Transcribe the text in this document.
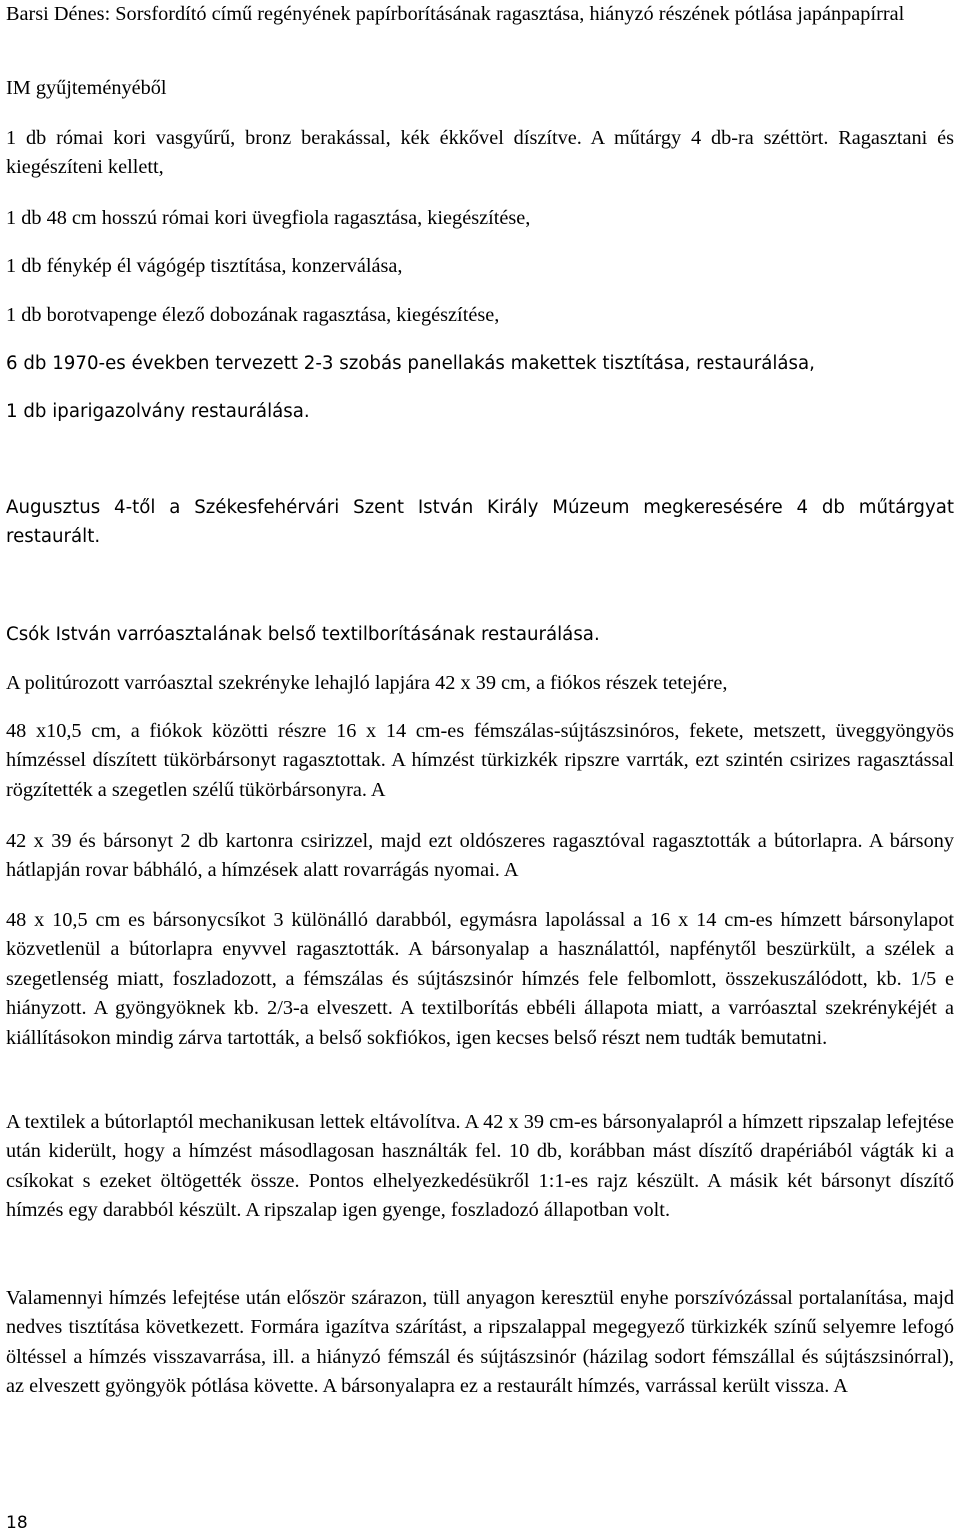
Barsi Dénes: Sorsfordító című regényének papírborításának ragasztása, hiányzó részének pótlása japánpapírral

IM gyűjteményéből

1 db római kori vasgyűrű, bronz berakással, kék ékkővel díszítve. A műtárgy 4 db-ra széttört. Ragasztani és kiegészíteni kellett,

1 db 48 cm hosszú római kori üvegfiola ragasztása, kiegészítése,

1 db fénykép él vágógép tisztítása, konzerválása,

1 db borotvapenge élező dobozának ragasztása, kiegészítése,

6 db 1970-es években tervezett 2-3 szobás panellakás makettek tisztítása, restaurálása,

1 db iparigazolvány restaurálása.

Augusztus 4-től a Székesfehérvári Szent István Király Múzeum megkeresésére 4 db műtárgyat restaurált.

Csók István varróasztalának belső textilborításának restaurálása.

A politúrozott varróasztal szekrényke lehajló lapjára 42 x 39 cm, a fiókos részek tetejére,

48 x10,5 cm, a fiókok közötti részre 16 x 14 cm-es fémszálas-sújtászsinóros, fekete, metszett, üveggyöngyös hímzéssel díszített tükörbársonyt ragasztottak. A hímzést türkizkék ripszre varrták, ezt szintén csirizes ragasztással rögzítették a szegetlen szélű tükörbársonyra. A

42 x 39 és bársonyt 2 db kartonra csirizzel, majd ezt oldószeres ragasztóval ragasztották a bútorlapra. A bársony hátlapján rovar bábháló, a hímzések alatt rovarrágás nyomai. A

48 x 10,5 cm es bársonycsíkot 3 különálló darabból, egymásra lapolással a 16 x 14 cm-es hímzett bársonylapot közvetlenül a bútorlapra enyvvel ragasztották. A bársonyalap a használattól, napfénytől beszürkült, a szélek a szegetlenség miatt, foszladozott, a fémszálas és sújtászsinór hímzés fele felbomlott, összekuszálódott, kb. 1/5 e hiányzott. A gyöngyöknek kb. 2/3-a elveszett. A textilborítás ebbéli állapota miatt, a varróasztal szekrénykéjét a kiállításokon mindig zárva tartották, a belső sokfiókos, igen kecses belső részt nem tudták bemutatni.

A textilek a bútorlaptól mechanikusan lettek eltávolítva. A 42 x 39 cm-es bársonyalapról a hímzett ripszalap lefejtése után kiderült, hogy a hímzést másodlagosan használták fel. 10 db, korábban mást díszítő drapériából vágták ki a csíkokat s ezeket öltögették össze. Pontos elhelyezkedésükről 1:1-es rajz készült. A másik két bársonyt díszítő hímzés egy darabból készült. A ripszalap igen gyenge, foszladozó állapotban volt.

Valamennyi hímzés lefejtése után először szárazon, tüll anyagon keresztül enyhe porszívózással portalanítása, majd nedves tisztítása következett. Formára igazítva szárítást, a ripszalappal megegyező türkizkék színű selyemre lefogó öltéssel a hímzés visszavarrása, ill. a hiányzó fémszál és sújtászsinór (házilag sodort fémszállal és sújtászsinórral), az elveszett gyöngyök pótlása követte. A bársonyalapra ez a restaurált hímzés, varrással került vissza. A

18
